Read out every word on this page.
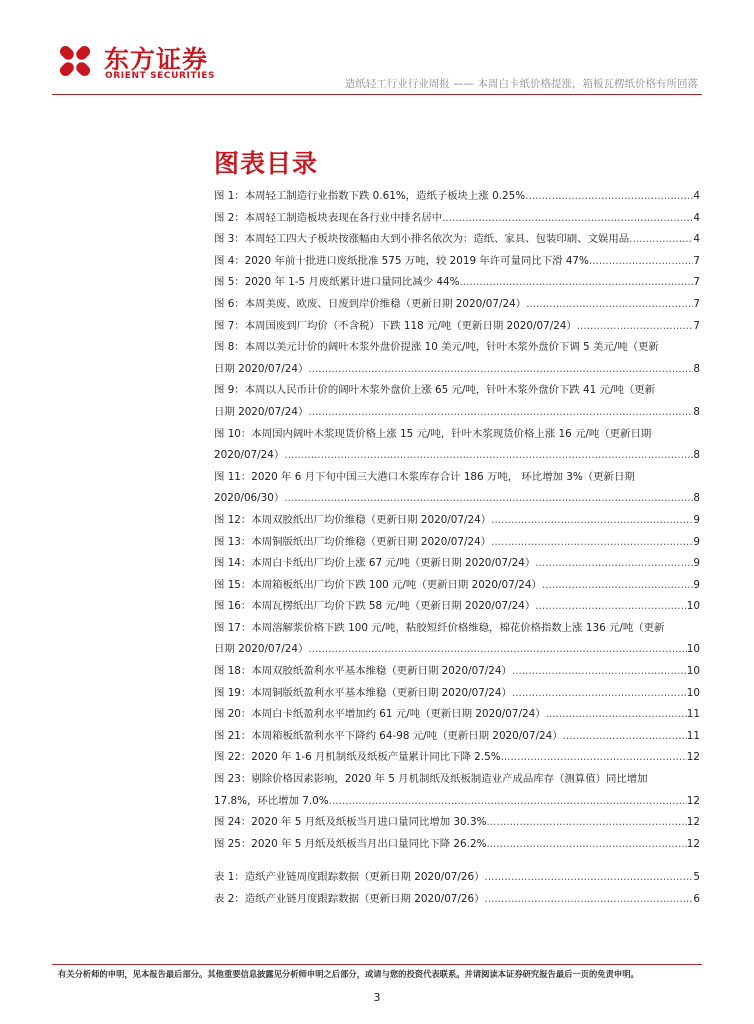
东方证券
ORIENT SECURITIES
造纸轻工行业行业周报 —— 本周白卡纸价格提涨，箱板瓦楞纸价格有所回落
图表目录
图 1：本周轻工制造行业指数下跌 0.61%，造纸子板块上涨 0.25% .....	4
图 2：本周轻工制造板块表现在各行业中排名居中 .....	4
图 3：本周轻工四大子板块按涨幅由大到小排名依次为：造纸、家具、包装印刷、文娱用品 .....	4
图 4：2020 年前十批进口废纸批准 575 万吨，较 2019 年许可量同比下滑 47% .....	7
图 5：2020 年 1-5 月废纸累计进口量同比减少 44% .....	7
图 6：本周美废、欧废、日废到岸价维稳（更新日期 2020/07/24） .....	7
图 7：本周国废到厂均价（不含税）下跌 118 元/吨（更新日期 2020/07/24） .....	7
图 8：本周以美元计价的阔叶木浆外盘价提涨 10 美元/吨，针叶木浆外盘价下调 5 美元/吨（更新
日期 2020/07/24） .....	8
图 9：本周以人民币计价的阔叶木浆外盘价上涨 65 元/吨，针叶木浆外盘价下跌 41 元/吨（更新
日期 2020/07/24） .....	8
图 10：本周国内阔叶木浆现货价格上涨 15 元/吨，针叶木浆现货价格上涨 16 元/吨（更新日期
2020/07/24） .....	8
图 11：2020 年 6 月下旬中国三大港口木浆库存合计 186 万吨， 环比增加 3%（更新日期
2020/06/30） .....	8
图 12：本周双胶纸出厂均价维稳（更新日期 2020/07/24） .....	9
图 13：本周铜版纸出厂均价维稳（更新日期 2020/07/24） .....	9
图 14：本周白卡纸出厂均价上涨 67 元/吨（更新日期 2020/07/24） .....	9
图 15：本周箱板纸出厂均价下跌 100 元/吨（更新日期 2020/07/24） .....	9
图 16：本周瓦楞纸出厂均价下跌 58 元/吨（更新日期 2020/07/24） .....	10
图 17：本周溶解浆价格下跌 100 元/吨，粘胶短纤价格维稳，棉花价格指数上涨 136 元/吨（更新
日期 2020/07/24） .....	10
图 18：本周双胶纸盈利水平基本维稳（更新日期 2020/07/24） .....	10
图 19：本周铜版纸盈利水平基本维稳（更新日期 2020/07/24） .....	10
图 20：本周白卡纸盈利水平增加约 61 元/吨（更新日期 2020/07/24） .....	11
图 21：本周箱板纸盈利水平下降约 64-98 元/吨（更新日期 2020/07/24） .....	11
图 22：2020 年 1-6 月机制纸及纸板产量累计同比下降 2.5% .....	12
图 23：剔除价格因素影响，2020 年 5 月机制纸及纸板制造业产成品库存（测算值）同比增加
17.8%，环比增加 7.0% .....	12
图 24：2020 年 5 月纸及纸板当月进口量同比增加 30.3% .....	12
图 25：2020 年 5 月纸及纸板当月出口量同比下降 26.2% .....	12
表 1：造纸产业链周度跟踪数据（更新日期 2020/07/26） .....	5
表 2：造纸产业链月度跟踪数据（更新日期 2020/07/26） .....	6
有关分析师的申明，见本报告最后部分。其他重要信息披露见分析师申明之后部分，或请与您的投资代表联系。并请阅读本证券研究报告最后一页的免责申明。
3
